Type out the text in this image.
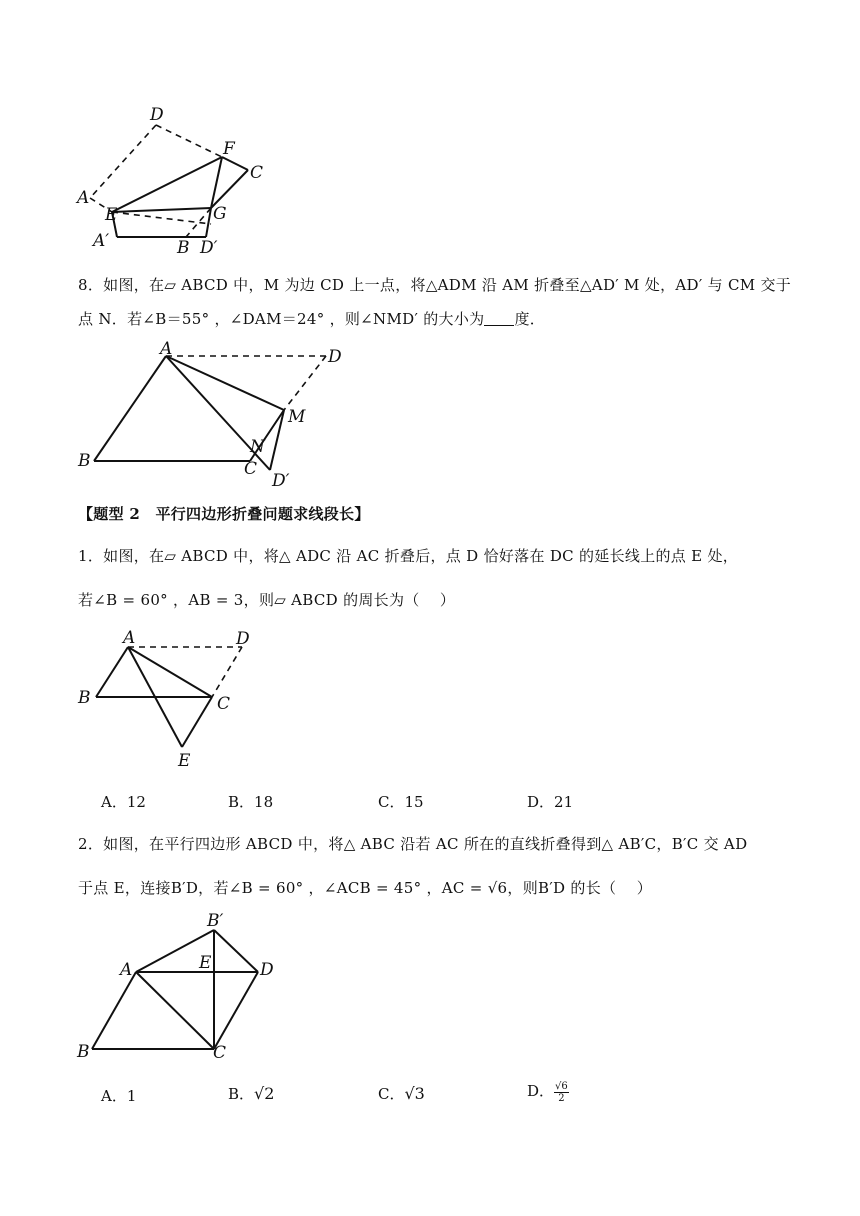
D
F
C
A
E	G
A′	B D′
8．如图，在▱ ABCD 中，M 为边 CD 上一点，将△ADM 沿 AM 折叠至△AD′ M 处，AD′ 与 CM 交于
点 N．若∠B＝55° ，∠DAM＝24° ，则∠NMD′ 的大小为 度．
A	D
M
N
B	C
D′
【题型 2　平行四边形折叠问题求线段长】
1．如图，在▱ ABCD 中，将△ ADC 沿 AC 折叠后，点 D 恰好落在 DC 的延长线上的点 E 处，
若∠B = 60° ，AB = 3，则▱ ABCD 的周长为（　 ）
A	D
B	C
E
A．12	B．18	C．15	D．21
2．如图，在平行四边形 ABCD 中，将△ ABC 沿若 AC 所在的直线折叠得到△ AB′C，B′C 交 AD
于点 E，连接B′D，若∠B = 60° ，∠ACB = 45° ，AC = √6，则B′D 的长（　 ）
B′
A	E	D
B	C
A．1	B．√2	C．√3	D． $\frac{√6}{2}$
